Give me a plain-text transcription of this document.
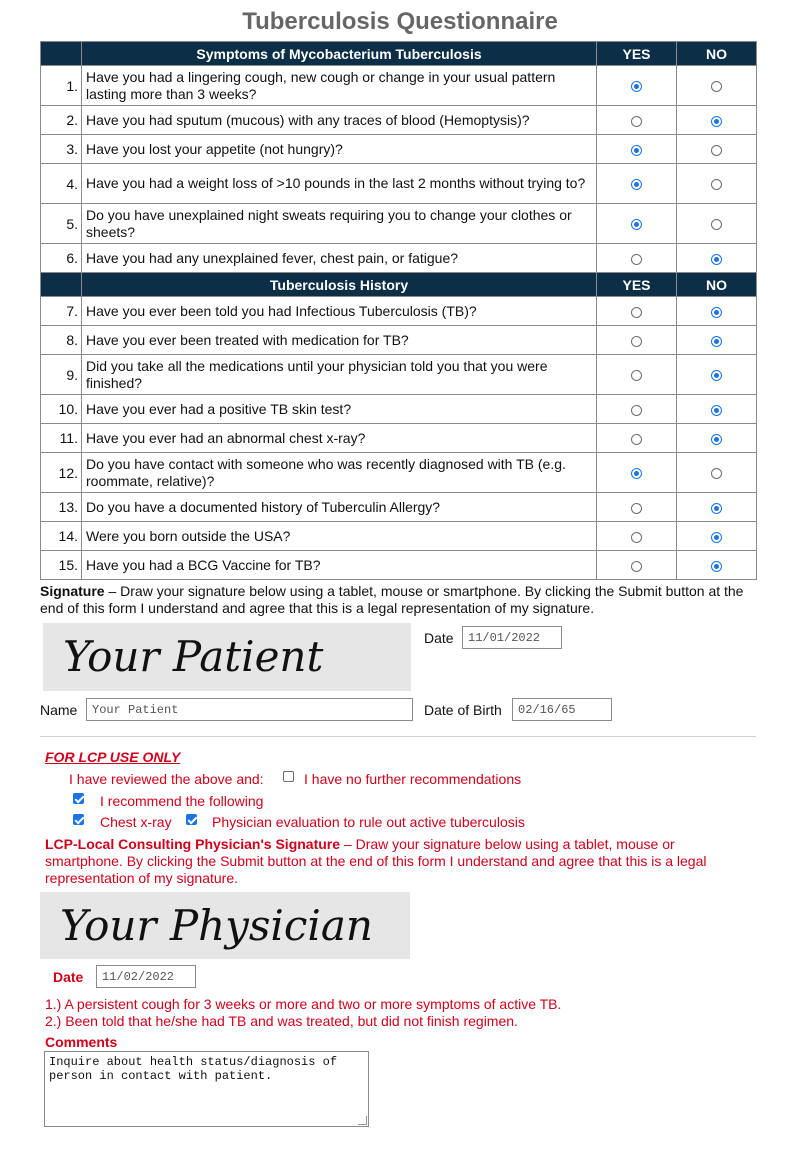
Tuberculosis Questionnaire
	Symptoms of Mycobacterium Tuberculosis	YES	NO
1.	Have you had a lingering cough, new cough or change in your usual pattern lasting more than 3 weeks?		
2.	Have you had sputum (mucous) with any traces of blood (Hemoptysis)?		
3.	Have you lost your appetite (not hungry)?		
4.	Have you had a weight loss of >10 pounds in the last 2 months without trying to?		
5.	Do you have unexplained night sweats requiring you to change your clothes or sheets?		
6.	Have you had any unexplained fever, chest pain, or fatigue?		
	Tuberculosis History	YES	NO
7.	Have you ever been told you had Infectious Tuberculosis (TB)?		
8.	Have you ever been treated with medication for TB?		
9.	Did you take all the medications until your physician told you that you were finished?		
10.	Have you ever had a positive TB skin test?		
11.	Have you ever had an abnormal chest x-ray?		
12.	Do you have contact with someone who was recently diagnosed with TB (e.g. roommate, relative)?		
13.	Do you have a documented history of Tuberculin Allergy?		
14.	Were you born outside the USA?		
15.	Have you had a BCG Vaccine for TB?		

Signature – Draw your signature below using a tablet, mouse or smartphone. By clicking the Submit button at the end of this form I understand and agree that this is a legal representation of my signature.

Your Patient	Date	11/01/2022
Name	Your Patient	Date of Birth	02/16/65
FOR LCP USE ONLY
I have reviewed the above and:	I have no further recommendations
I recommend the following
Chest x-ray	Physician evaluation to rule out active tuberculosis

LCP-Local Consulting Physician's Signature – Draw your signature below using a tablet, mouse or smartphone. By clicking the Submit button at the end of this form I understand and agree that this is a legal representation of my signature.

Your Physician
Date	11/02/2022
1.) A persistent cough for 3 weeks or more and two or more symptoms of active TB.
2.) Been told that he/she had TB and was treated, but did not finish regimen.
Comments
Inquire about health status/diagnosis of person in contact with patient.
